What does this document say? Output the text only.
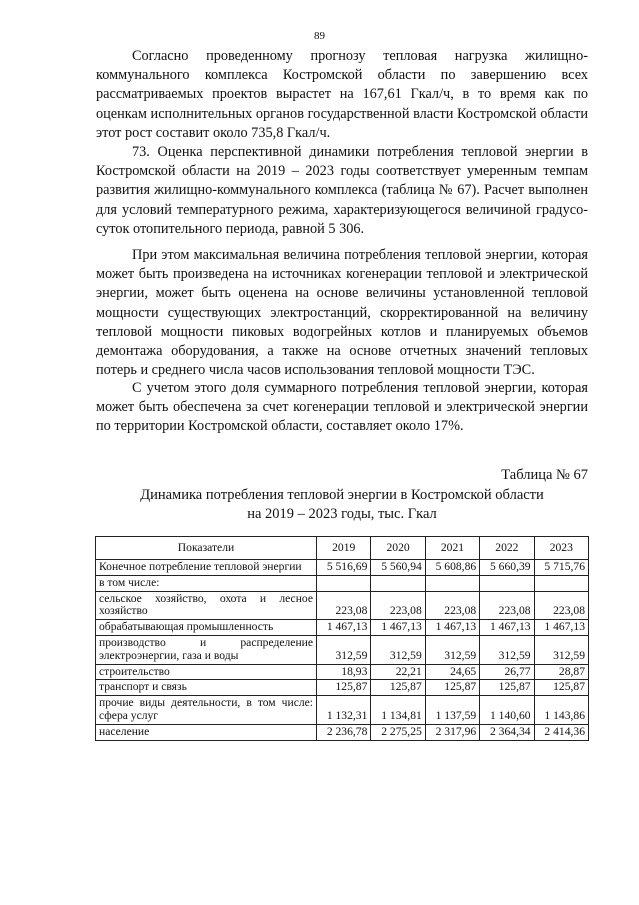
89

Согласно проведенному прогнозу тепловая нагрузка жилищно-коммунального комплекса Костромской области по завершению всех рассматриваемых проектов вырастет на 167,61 Гкал/ч, в то время как по оценкам исполнительных органов государственной власти Костромской области этот рост составит около 735,8 Гкал/ч.

73. Оценка перспективной динамики потребления тепловой энергии в Костромской области на 2019 – 2023 годы соответствует умеренным темпам развития жилищно-коммунального комплекса (таблица № 67). Расчет выполнен для условий температурного режима, характеризующегося величиной градусо-суток отопительного периода, равной 5 306.

При этом максимальная величина потребления тепловой энергии, которая может быть произведена на источниках когенерации тепловой и электрической энергии, может быть оценена на основе величины установленной тепловой мощности существующих электростанций, скорректированной на величину тепловой мощности пиковых водогрейных котлов и планируемых объемов демонтажа оборудования, а также на основе отчетных значений тепловых потерь и среднего числа часов использования тепловой мощности ТЭС.

С учетом этого доля суммарного потребления тепловой энергии, которая может быть обеспечена за счет когенерации тепловой и электрической энергии по территории Костромской области, составляет около 17%.

Таблица № 67
Динамика потребления тепловой энергии в Костромской области
на 2019 – 2023 годы, тыс. Гкал
Показатели	2019	2020	2021	2022	2023
Конечное потребление тепловой энергии	5 516,69	5 560,94	5 608,86	5 660,39	5 715,76
в том числе:					
сельское хозяйство, охота и лесное хозяйство	223,08	223,08	223,08	223,08	223,08
обрабатывающая промышленность	1 467,13	1 467,13	1 467,13	1 467,13	1 467,13
производство и распределение электроэнергии, газа и воды	312,59	312,59	312,59	312,59	312,59
строительство	18,93	22,21	24,65	26,77	28,87
транспорт и связь	125,87	125,87	125,87	125,87	125,87
прочие виды деятельности, в том числе: сфера услуг	1 132,31	1 134,81	1 137,59	1 140,60	1 143,86
население	2 236,78	2 275,25	2 317,96	2 364,34	2 414,36
